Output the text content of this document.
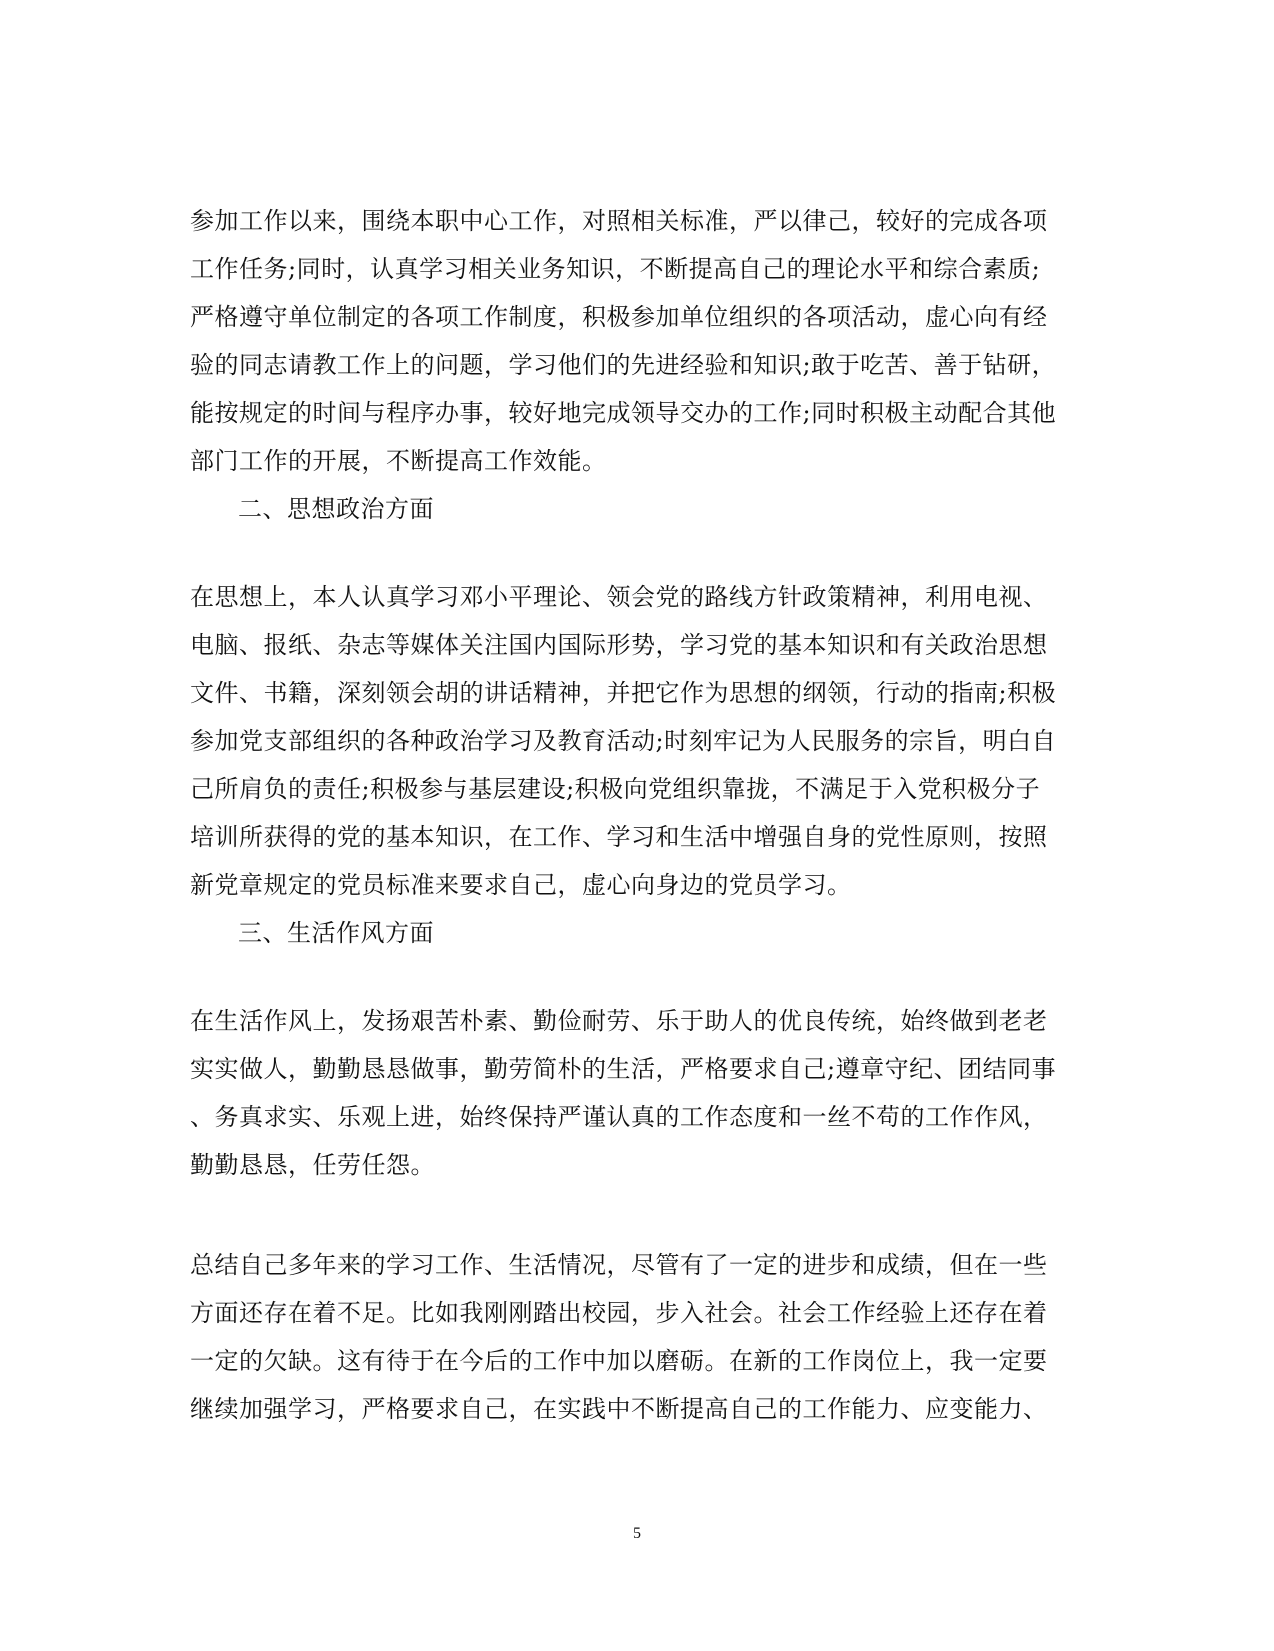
参加工作以来，围绕本职中心工作，对照相关标准，严以律己，较好的完成各项
工作任务;同时，认真学习相关业务知识，不断提高自己的理论水平和综合素质;
严格遵守单位制定的各项工作制度，积极参加单位组织的各项活动，虚心向有经
验的同志请教工作上的问题，学习他们的先进经验和知识;敢于吃苦、善于钻研，
能按规定的时间与程序办事，较好地完成领导交办的工作;同时积极主动配合其他
部门工作的开展，不断提高工作效能。
二、思想政治方面
在思想上，本人认真学习邓小平理论、领会党的路线方针政策精神，利用电视、
电脑、报纸、杂志等媒体关注国内国际形势，学习党的基本知识和有关政治思想
文件、书籍，深刻领会胡的讲话精神，并把它作为思想的纲领，行动的指南;积极
参加党支部组织的各种政治学习及教育活动;时刻牢记为人民服务的宗旨，明白自
己所肩负的责任;积极参与基层建设;积极向党组织靠拢，不满足于入党积极分子
培训所获得的党的基本知识，在工作、学习和生活中增强自身的党性原则，按照
新党章规定的党员标准来要求自己，虚心向身边的党员学习。
三、生活作风方面
在生活作风上，发扬艰苦朴素、勤俭耐劳、乐于助人的优良传统，始终做到老老
实实做人，勤勤恳恳做事，勤劳简朴的生活，严格要求自己;遵章守纪、团结同事
、务真求实、乐观上进，始终保持严谨认真的工作态度和一丝不苟的工作作风，
勤勤恳恳，任劳任怨。
总结自己多年来的学习工作、生活情况，尽管有了一定的进步和成绩，但在一些
方面还存在着不足。比如我刚刚踏出校园，步入社会。社会工作经验上还存在着
一定的欠缺。这有待于在今后的工作中加以磨砺。在新的工作岗位上，我一定要
继续加强学习，严格要求自己，在实践中不断提高自己的工作能力、应变能力、
5
